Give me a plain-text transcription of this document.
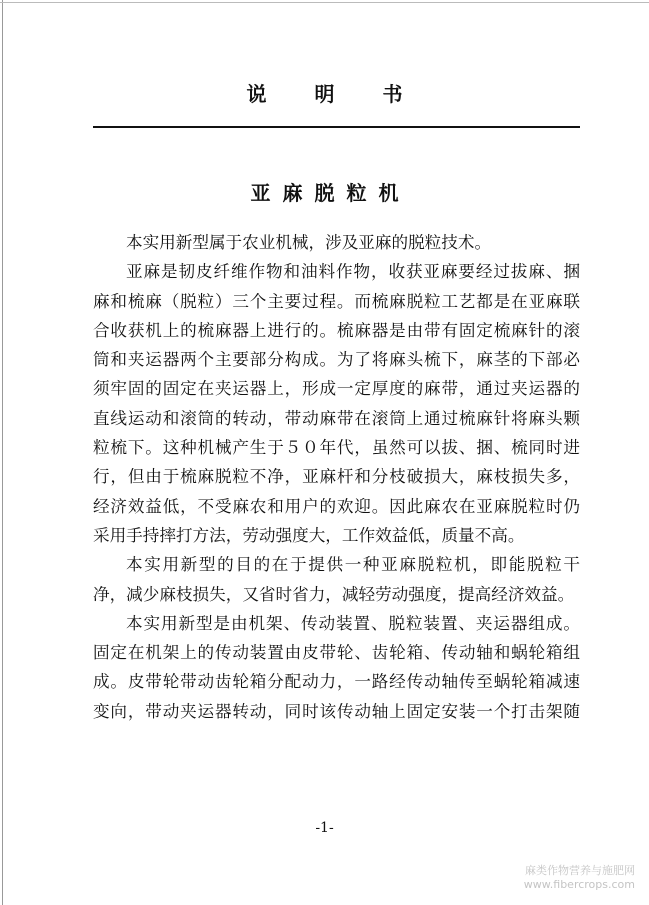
说 明 书
亚 麻 脱 粒 机
本实用新型属于农业机械，涉及亚麻的脱粒技术。
亚麻是韧皮纤维作物和油料作物，收获亚麻要经过拔麻、捆
麻和梳麻（脱粒）三个主要过程。而梳麻脱粒工艺都是在亚麻联
合收获机上的梳麻器上进行的。梳麻器是由带有固定梳麻针的滚
筒和夹运器两个主要部分构成。为了将麻头梳下，麻茎的下部必
须牢固的固定在夹运器上，形成一定厚度的麻带，通过夹运器的
直线运动和滚筒的转动，带动麻带在滚筒上通过梳麻针将麻头颗
粒梳下。这种机械产生于５０年代，虽然可以拔、捆、梳同时进
行，但由于梳麻脱粒不净，亚麻杆和分枝破损大，麻枝损失多，
经济效益低，不受麻农和用户的欢迎。因此麻农在亚麻脱粒时仍
采用手持摔打方法，劳动强度大，工作效益低，质量不高。
本实用新型的目的在于提供一种亚麻脱粒机，即能脱粒干
净，减少麻枝损失，又省时省力，减轻劳动强度，提高经济效益。
本实用新型是由机架、传动装置、脱粒装置、夹运器组成。
固定在机架上的传动装置由皮带轮、齿轮箱、传动轴和蜗轮箱组
成。皮带轮带动齿轮箱分配动力，一路经传动轴传至蜗轮箱减速
变向，带动夹运器转动，同时该传动轴上固定安装一个打击架随
-1-
麻类作物营养与施肥网
www.fibercrops.com
